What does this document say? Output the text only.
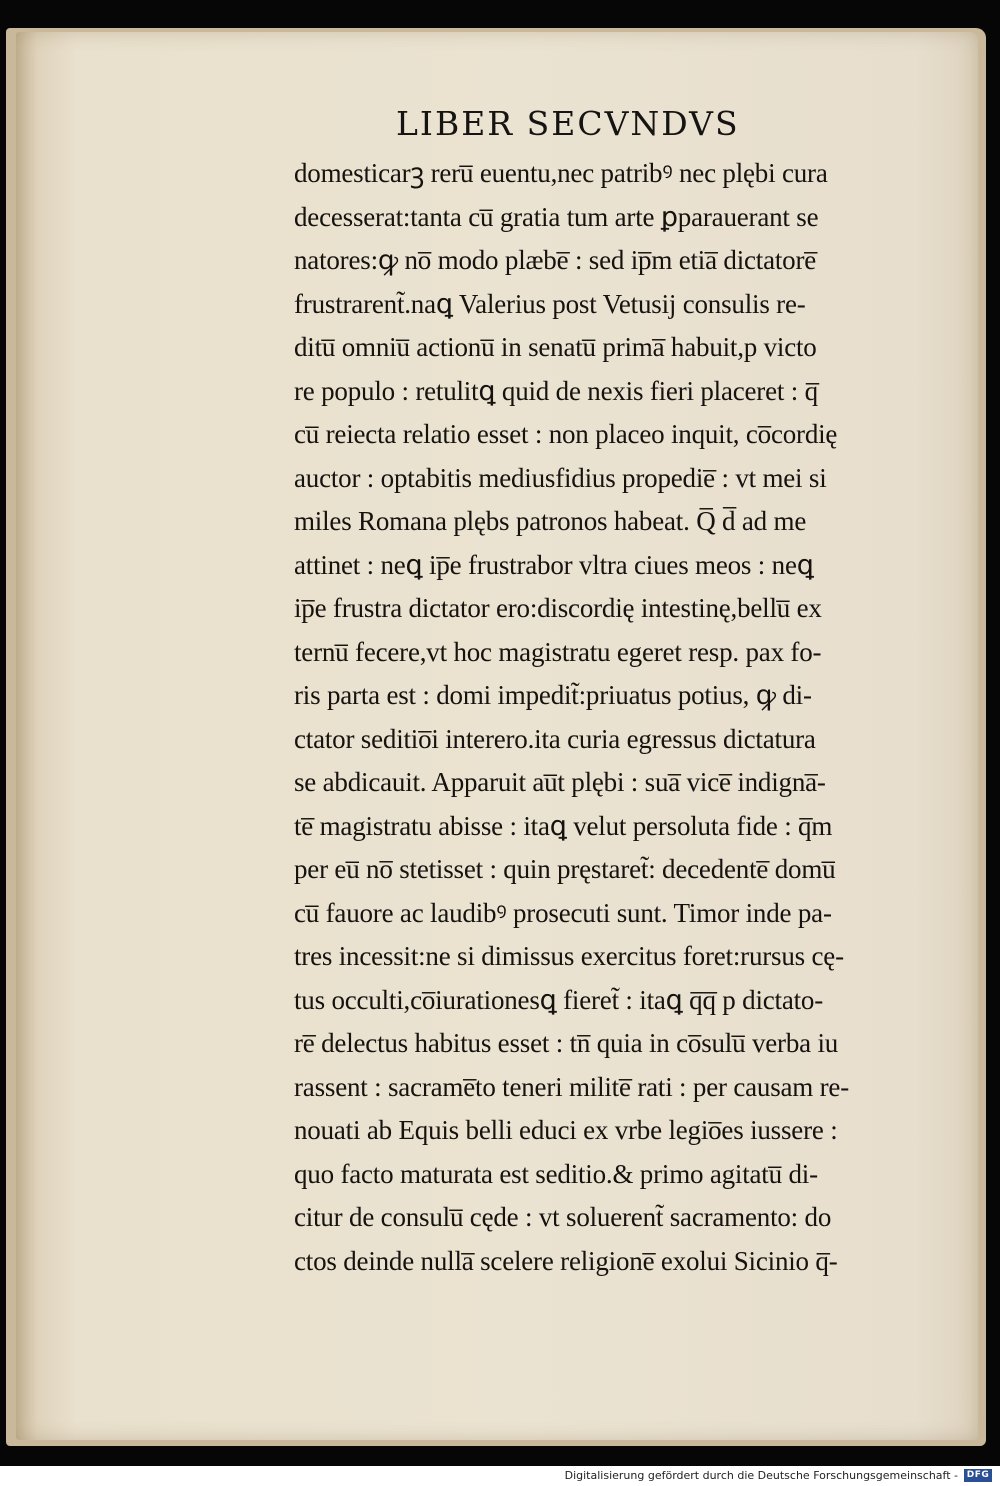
LIBER SECVNDVS
domesticarꝫ reru̅ euentu,nec patribꝰ nec plębi cura
decesserat:tanta cu̅ gratia tum arte ꝑparauerant se
natores:ꝙ no̅ modo plæbe̅ : sed ip̅m etia̅ dictatore̅
frustrarent̃.naꝗ Valerius post Vetusij consulis re-
ditu̅ omniu̅ actionu̅ in senatu̅ prima̅ habuit,p victo
re populo : retulitꝗ quid de nexis fieri placeret : q̅
cu̅ reiecta relatio esset : non placeo inquit, co̅cordię
auctor : optabitis mediusfidius propedie̅ : vt mei si
miles Romana plębs patronos habeat. Q̅ d̅ ad me
attinet : neꝗ ip̅e frustrabor vltra ciues meos : neꝗ
ip̅e frustra dictator ero:discordię intestinę,bellu̅ ex
ternu̅ fecere,vt hoc magistratu egeret resp. pax fo-
ris parta est : domi impedit̃:priuatus potius, ꝙ di-
ctator seditio̅i interero.ita curia egressus dictatura
se abdicauit. Apparuit au̅t plębi : sua̅ vice̅ indigna̅-
te̅ magistratu abisse : itaꝗ velut persoluta fide : q̅m
per eu̅ no̅ stetisset : quin pręstaret̃: decedente̅ domu̅
cu̅ fauore ac laudibꝰ prosecuti sunt. Timor inde pa-
tres incessit:ne si dimissus exercitus foret:rursus cę-
tus occulti,co̅iurationesꝗ fieret̃ : itaꝗ q̅q̅ p dictato-
re̅ delectus habitus esset : tn̅ quia in co̅sulu̅ verba iu
rassent : sacrame̅to teneri milite̅ rati : per causam re-
nouati ab Equis belli educi ex vrbe legio̅es iussere :
quo facto maturata est seditio.& primo agitatu̅ di-
citur de consulu̅ cęde : vt soluerent̃ sacramento: do
ctos deinde nulla̅ scelere religione̅ exolui Sicinio q̅-
Digitalisierung gefördert durch die Deutsche Forschungsgemeinschaft - DFG
